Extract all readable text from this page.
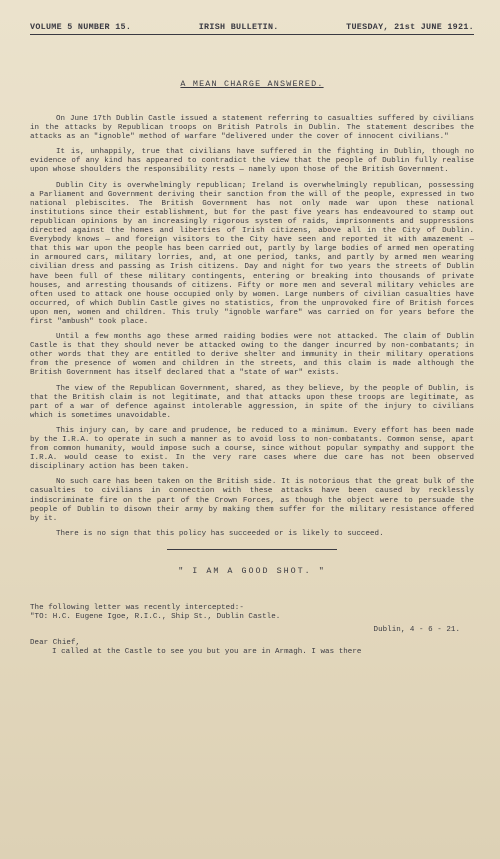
VOLUME 5 NUMBER 15.	IRISH BULLETIN.	TUESDAY, 21st JUNE 1921.
A MEAN CHARGE ANSWERED.

On June 17th Dublin Castle issued a statement referring to casualties suffered by civilians in the attacks by Republican troops on British Patrols in Dublin. The statement describes the attacks as an "ignoble" method of warfare "delivered under the cover of innocent civilians."

It is, unhappily, true that civilians have suffered in the fighting in Dublin, though no evidence of any kind has appeared to contradict the view that the people of Dublin fully realise upon whose shoulders the responsibility rests — namely upon those of the British Government.

Dublin City is overwhelmingly republican; Ireland is overwhelmingly republican, possessing a Parliament and Government deriving their sanction from the will of the people, expressed in two national plebiscites. The British Government has not only made war upon these national institutions since their establishment, but for the past five years has endeavoured to stamp out republican opinions by an increasingly rigorous system of raids, imprisonments and suppressions directed against the homes and liberties of Irish citizens, above all in the City of Dublin. Everybody knows — and foreign visitors to the City have seen and reported it with amazement — that this war upon the people has been carried out, partly by large bodies of armed men operating in armoured cars, military lorries, and, at one period, tanks, and partly by armed men wearing civilian dress and passing as Irish citizens. Day and night for two years the streets of Dublin have been full of these military contingents, entering or breaking into thousands of private houses, and arresting thousands of citizens. Fifty or more men and several military vehicles are often used to attack one house occupied only by women. Large numbers of civilian casualties have occurred, of which Dublin Castle gives no statistics, from the unprovoked fire of British forces upon men, women and children. This truly "ignoble warfare" was carried on for years before the first "ambush" took place.

Until a few months ago these armed raiding bodies were not attacked. The claim of Dublin Castle is that they should never be attacked owing to the danger incurred by non-combatants; in other words that they are entitled to derive shelter and immunity in their military operations from the presence of women and children in the streets, and this claim is made although the British Government has itself declared that a "state of war" exists.

The view of the Republican Government, shared, as they believe, by the people of Dublin, is that the British claim is not legitimate, and that attacks upon these troops are legitimate, as part of a war of defence against intolerable aggression, in spite of the injury to civilians which is sometimes unavoidable.

This injury can, by care and prudence, be reduced to a minimum. Every effort has been made by the I.R.A. to operate in such a manner as to avoid loss to non-combatants. Common sense, apart from common humanity, would impose such a course, since without popular sympathy and support the I.R.A. would cease to exist. In the very rare cases where due care has not been observed disciplinary action has been taken.

No such care has been taken on the British side. It is notorious that the great bulk of the casualties to civilians in connection with these attacks have been caused by recklessly indiscriminate fire on the part of the Crown Forces, as though the object were to persuade the people of Dublin to disown their army by making them suffer for the military resistance offered by it.

There is no sign that this policy has succeeded or is likely to succeed.

" I AM A GOOD SHOT. "

The following letter was recently intercepted:-

"TO: H.C. Eugene Igoe, R.I.C., Ship St., Dublin Castle.

Dublin, 4 - 6 - 21.

Dear Chief,

I called at the Castle to see you but you are in Armagh. I was there
